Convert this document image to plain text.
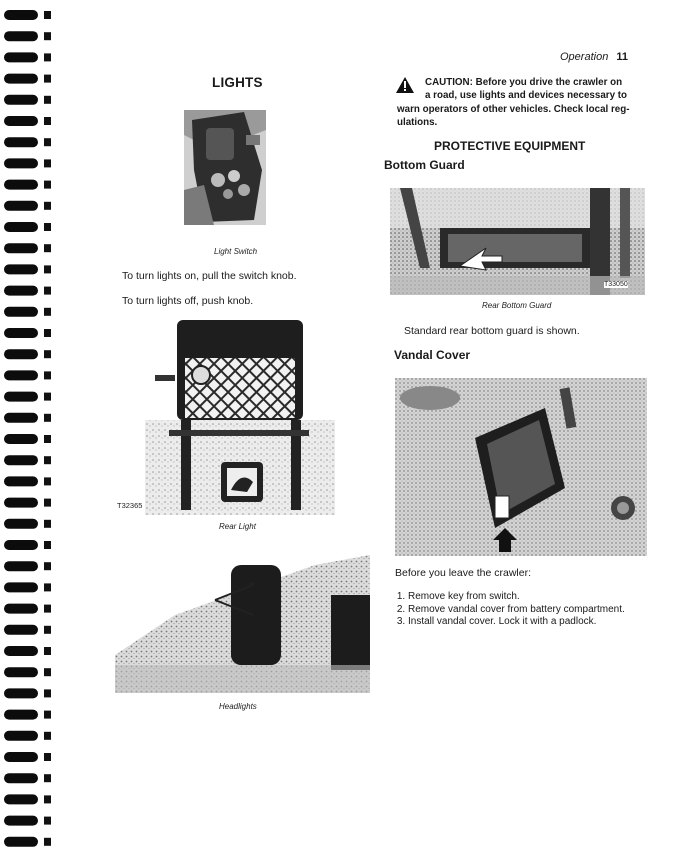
Operation 11
LIGHTS
Light Switch
To turn lights on, pull the switch knob.
To turn lights off, push knob.
T32365
Rear Light
Headlights
CAUTION: Before you drive the crawler on
a road, use lights and devices necessary to
warn operators of other vehicles. Check local reg-
ulations.
PROTECTIVE EQUIPMENT
Bottom Guard
T33050
Rear Bottom Guard
Standard rear bottom guard is shown.
Vandal Cover
Before you leave the crawler:
1. Remove key from switch.
2. Remove vandal cover from battery compartment.
3. Install vandal cover. Lock it with a padlock.
